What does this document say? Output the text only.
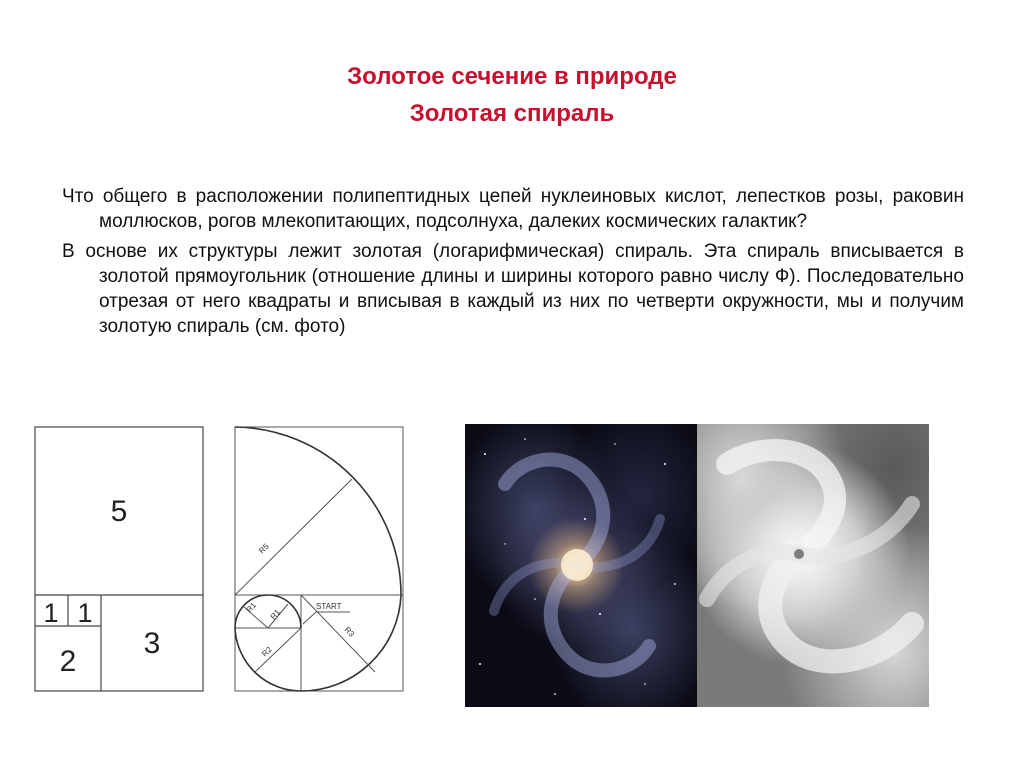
Золотое сечение в природе
Золотая спираль

Что общего в расположении полипептидных цепей нуклеиновых кислот, лепестков розы, раковин моллюсков, рогов млекопитающих, подсолнуха, далеких космических галактик?

В основе их структуры лежит золотая (логарифмическая) спираль. Эта спираль вписывается в золотой прямоугольник (отношение длины и ширины которого равно числу Ф). Последовательно отрезая от него квадраты и вписывая в каждый из них по четверти окружности, мы и получим золотую спираль (см. фото)

5
1 1
2
3
R5
R1
R1
R2
R3
START
